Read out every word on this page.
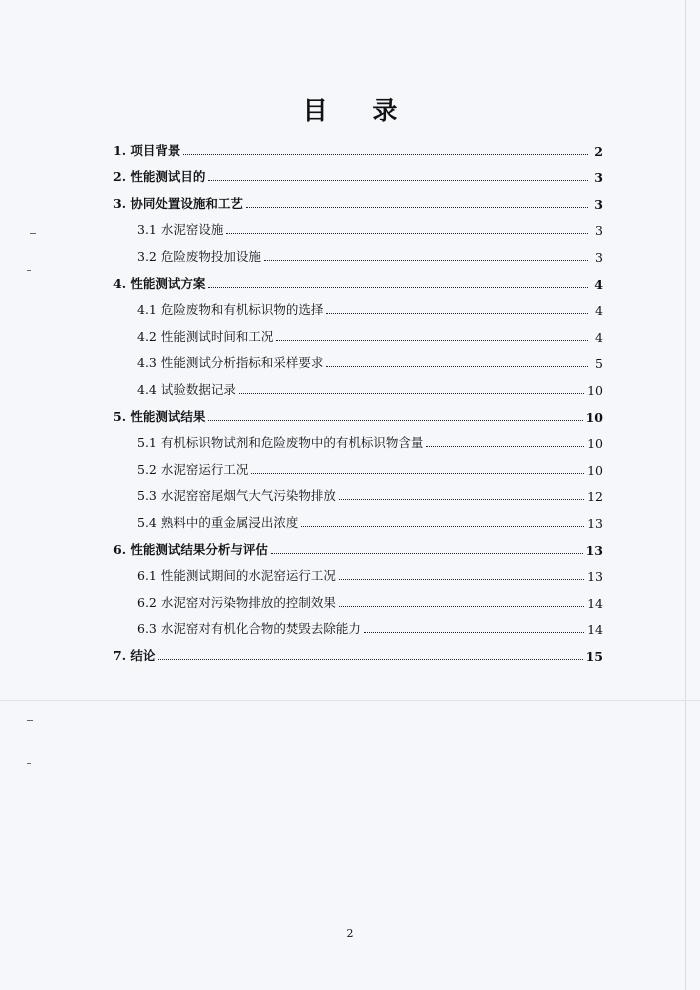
目 录
1. 项目背景	2
2. 性能测试目的	3
3. 协同处置设施和工艺	3
3.1 水泥窑设施	3
3.2 危险废物投加设施	3
4. 性能测试方案	4
4.1 危险废物和有机标识物的选择	4
4.2 性能测试时间和工况	4
4.3 性能测试分析指标和采样要求	5
4.4 试验数据记录	10
5. 性能测试结果	10
5.1 有机标识物试剂和危险废物中的有机标识物含量	10
5.2 水泥窑运行工况	10
5.3 水泥窑窑尾烟气大气污染物排放	12
5.4 熟料中的重金属浸出浓度	13
6. 性能测试结果分析与评估	13
6.1 性能测试期间的水泥窑运行工况	13
6.2 水泥窑对污染物排放的控制效果	14
6.3 水泥窑对有机化合物的焚毁去除能力	14
7. 结论	15
2
